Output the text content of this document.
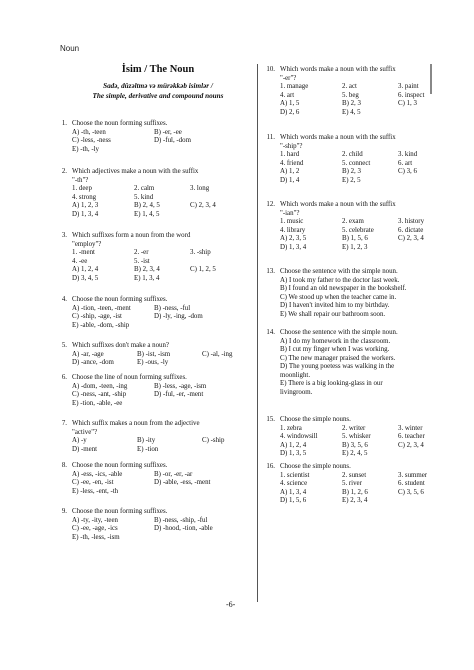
Noun
İsim / The Noun
Sadə, düzəltmə və mürəkkəb isimlər /
The simple, derivative and compound nouns
1. Choose the noun forming suffixes.
A) -th, -teen	B) -er, -ee
C) -less, -ness	D) -ful, -dom
E) -th, -ly
2. Which adjectives make a noun with the suffix
"-th"?
1. deep	2. calm	3. long
4. strong	5. kind
A) 1, 2, 3	B) 2, 4, 5	C) 2, 3, 4
D) 1, 3, 4	E) 1, 4, 5
3. Which suffixes form a noun from the word
"employ"?
1. -ment	2. -er	3. -ship
4. -ee	5. -ist
A) 1, 2, 4	B) 2, 3, 4	C) 1, 2, 5
D) 3, 4, 5	E) 1, 3, 4
4. Choose the noun forming suffixes.
A) -tion, -teen, -ment	B) -ness, -ful
C) -ship, -age, -ist	D) -ly, -ing, -dom
E) -able, -dom, -ship
5. Which suffixes don't make a noun?
A) -ar, -age	B) -ist, -ism	C) -al, -ing
D) -ance, -dom	E) -ous, -ly
6. Choose the line of noun forming suffixes.
A) -dom, -teen, -ing	B) -less, -age, -ism
C) -ness, -ant, -ship	D) -ful, -er, -ment
E) -tion, -able, -ee
7. Which suffix makes a noun from the adjective
"active"?
A) -y	B) -ity	C) -ship
D) -ment	E) -tion
8. Choose the noun forming suffixes.
A) -ess, -ics, -able	B) -or, -er, -ar
C) -ee, -en, -ist	D) -able, -ess, -ment
E) -less, -ent, -th
9. Choose the noun forming suffixes.
A) -ty, -ity, -teen	B) -ness, -ship, -ful
C) -ee, -age, -ics	D) -hood, -tion, -able
E) -th, -less, -ism
10. Which words make a noun with the suffix
"-er"?
1. manage	2. act	3. paint
4. art	5. beg	6. inspect
A) 1, 5	B) 2, 3	C) 1, 3
D) 2, 6	E) 4, 5
11. Which words make a noun with the suffix
"-ship"?
1. hard	2. child	3. kind
4. friend	5. connect	6. art
A) 1, 2	B) 2, 3	C) 3, 6
D) 1, 4	E) 2, 5
12. Which words make a noun with the suffix
"-ian"?
1. music	2. exam	3. history
4. library	5. celebrate	6. dictate
A) 2, 3, 5	B) 1, 5, 6	C) 2, 3, 4
D) 1, 3, 4	E) 1, 2, 3
13. Choose the sentence with the simple noun.
A) I took my father to the doctor last week.
B) I found an old newspaper in the bookshelf.
C) We stood up when the teacher came in.
D) I haven't invited him to my birthday.
E) We shall repair our bathroom soon.
14. Choose the sentence with the simple noun.
A) I do my homework in the classroom.
B) I cut my finger when I was working.
C) The new manager praised the workers.
D) The young poetess was walking in the
moonlight.
E) There is a big looking-glass in our
livingroom.
15. Choose the simple nouns.
1. zebra	2. writer	3. winter
4. windowsill	5. whisker	6. teacher
A) 1, 2, 4	B) 3, 5, 6	C) 2, 3, 4
D) 1, 3, 5	E) 2, 4, 5
16. Choose the simple nouns.
1. scientist	2. sunset	3. summer
4. science	5. river	6. student
A) 1, 3, 4	B) 1, 2, 6	C) 3, 5, 6
D) 1, 5, 6	E) 2, 3, 4
-6-
